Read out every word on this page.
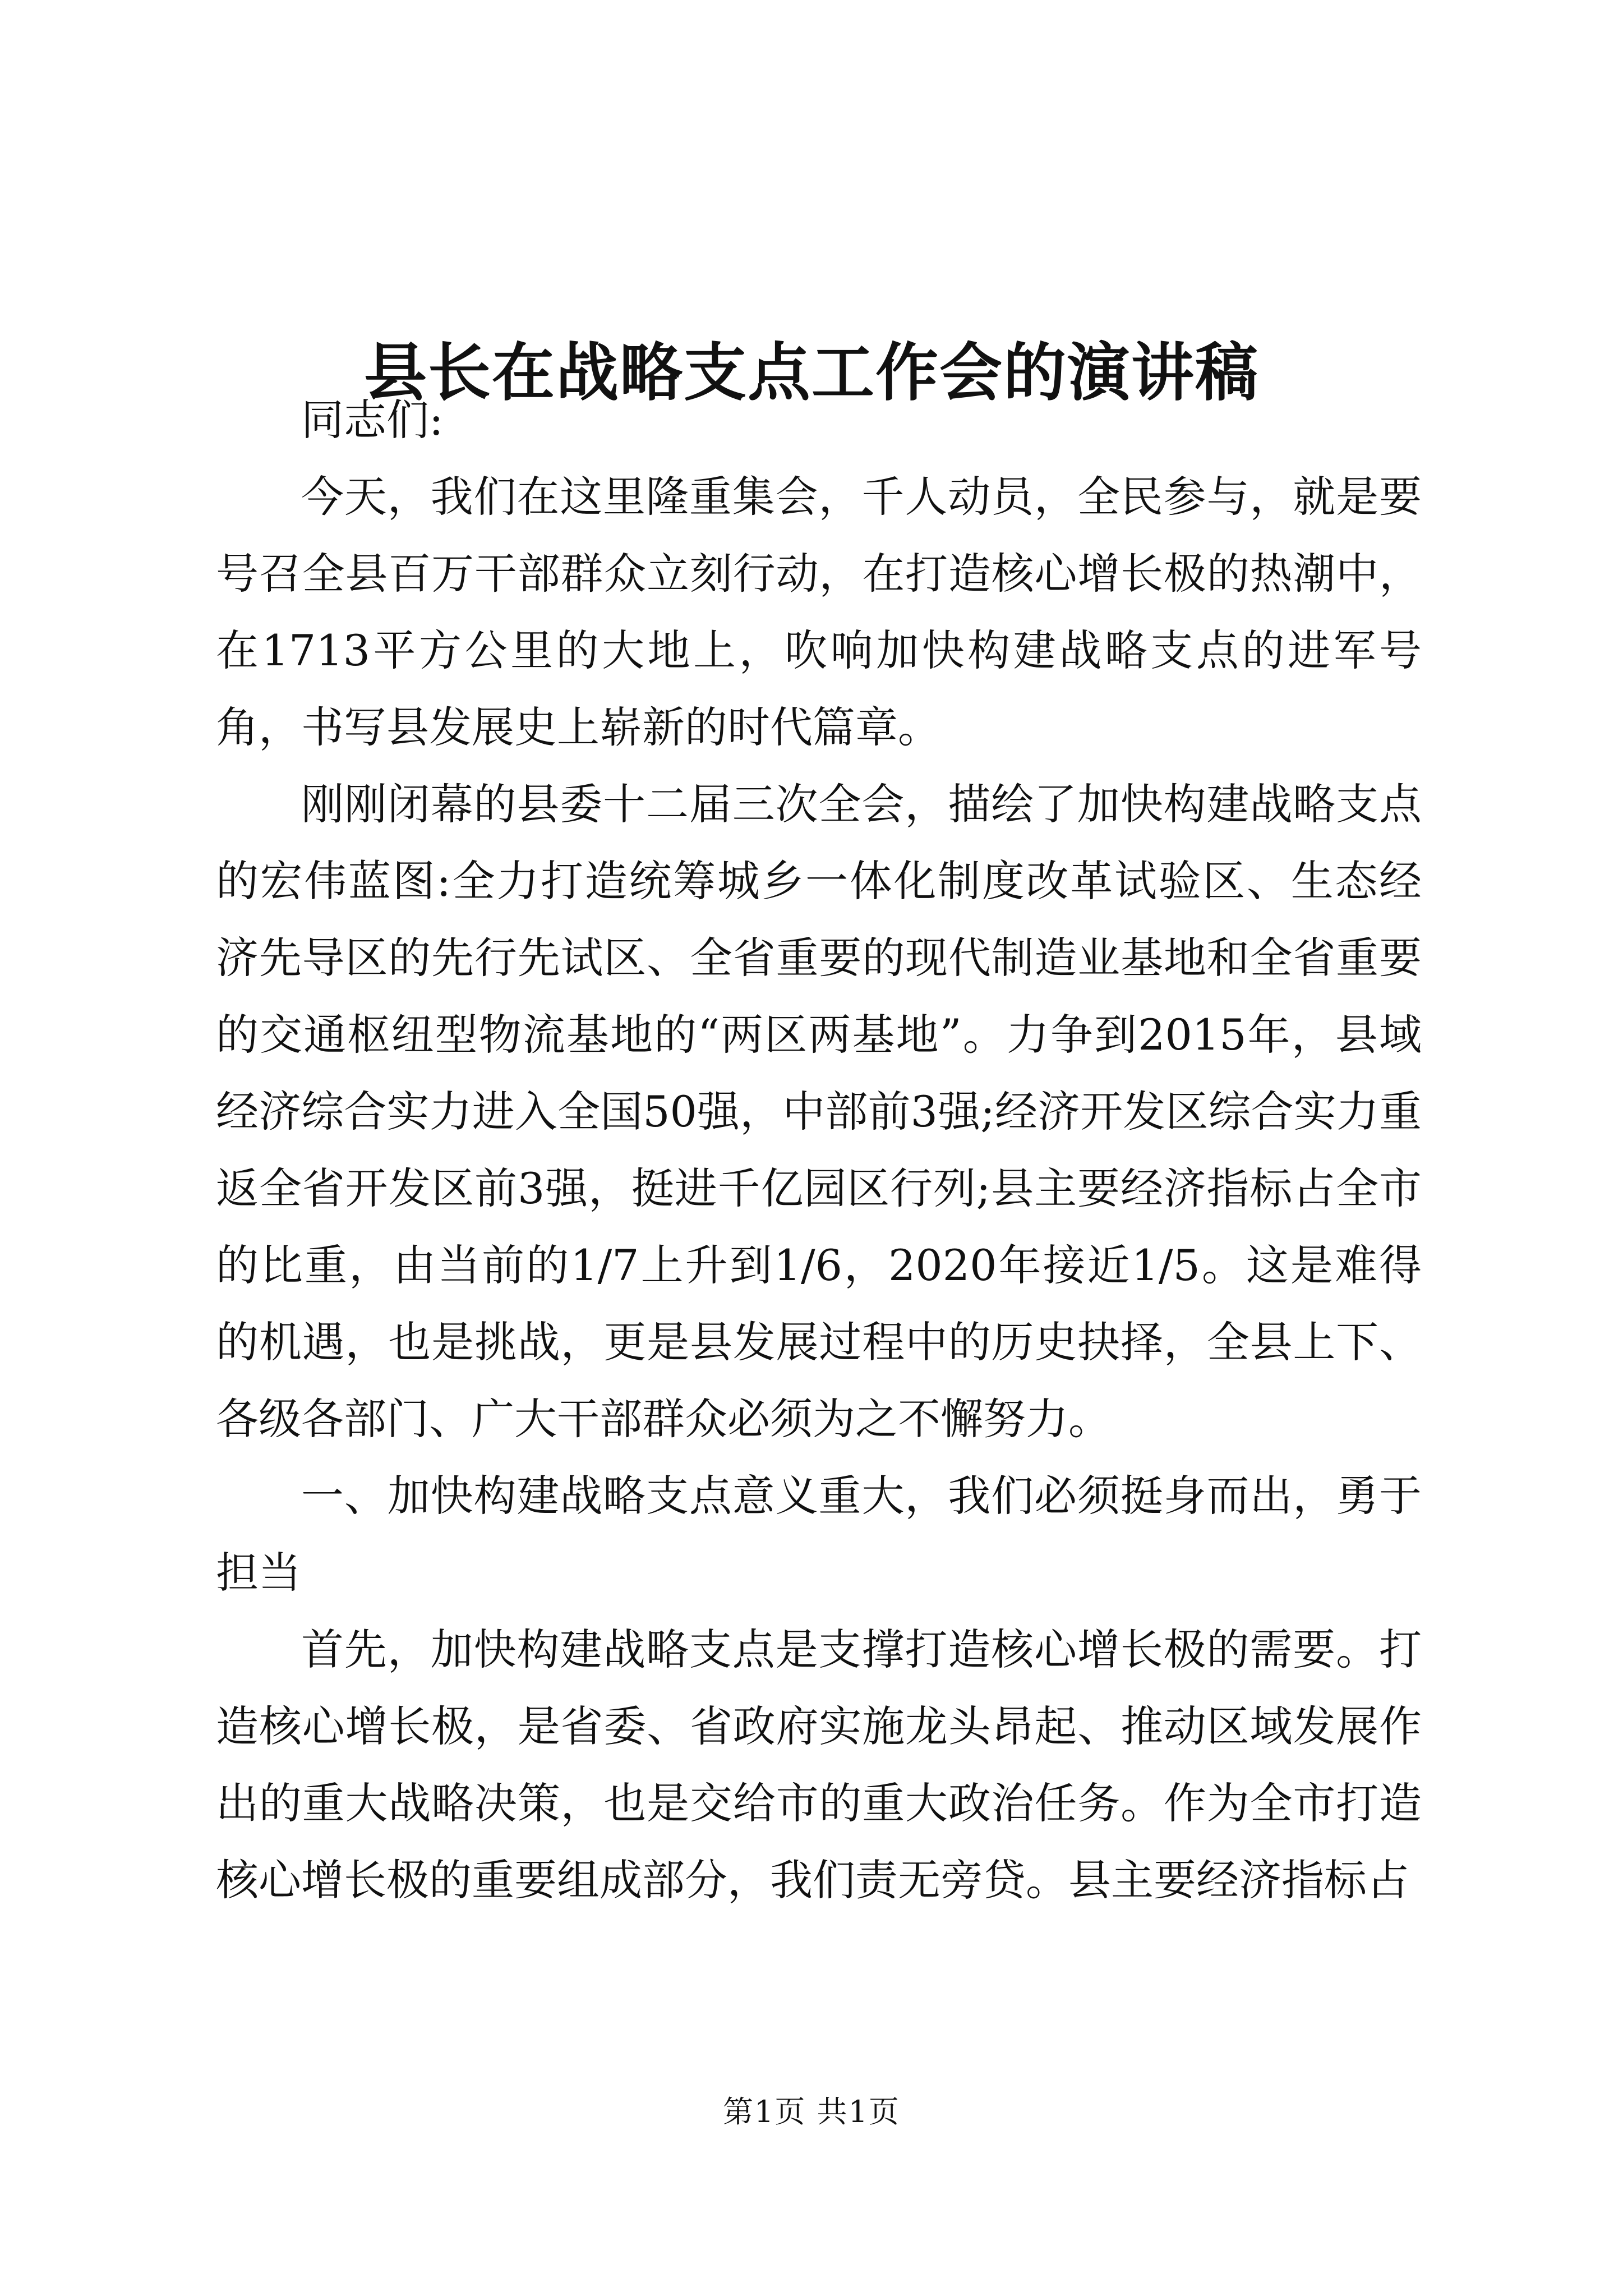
县长在战略支点工作会的演讲稿

同志们:

今天，我们在这里隆重集会，千人动员，全民参与，就是要号召全县百万干部群众立刻行动，在打造核心增长极的热潮中，在1713平方公里的大地上，吹响加快构建战略支点的进军号角，书写县发展史上崭新的时代篇章。

刚刚闭幕的县委十二届三次全会，描绘了加快构建战略支点的宏伟蓝图:全力打造统筹城乡一体化制度改革试验区、生态经济先导区的先行先试区、全省重要的现代制造业基地和全省重要的交通枢纽型物流基地的“两区两基地”。力争到2015年，县域经济综合实力进入全国50强，中部前3强;经济开发区综合实力重返全省开发区前3强，挺进千亿园区行列;县主要经济指标占全市的比重，由当前的1/7上升到1/6，2020年接近1/5。这是难得的机遇，也是挑战，更是县发展过程中的历史抉择，全县上下、各级各部门、广大干部群众必须为之不懈努力。

一、加快构建战略支点意义重大，我们必须挺身而出，勇于担当

首先，加快构建战略支点是支撑打造核心增长极的需要。打造核心增长极，是省委、省政府实施龙头昂起、推动区域发展作出的重大战略决策，也是交给市的重大政治任务。作为全市打造核心增长极的重要组成部分，我们责无旁贷。县主要经济指标占

第1页 共1页
